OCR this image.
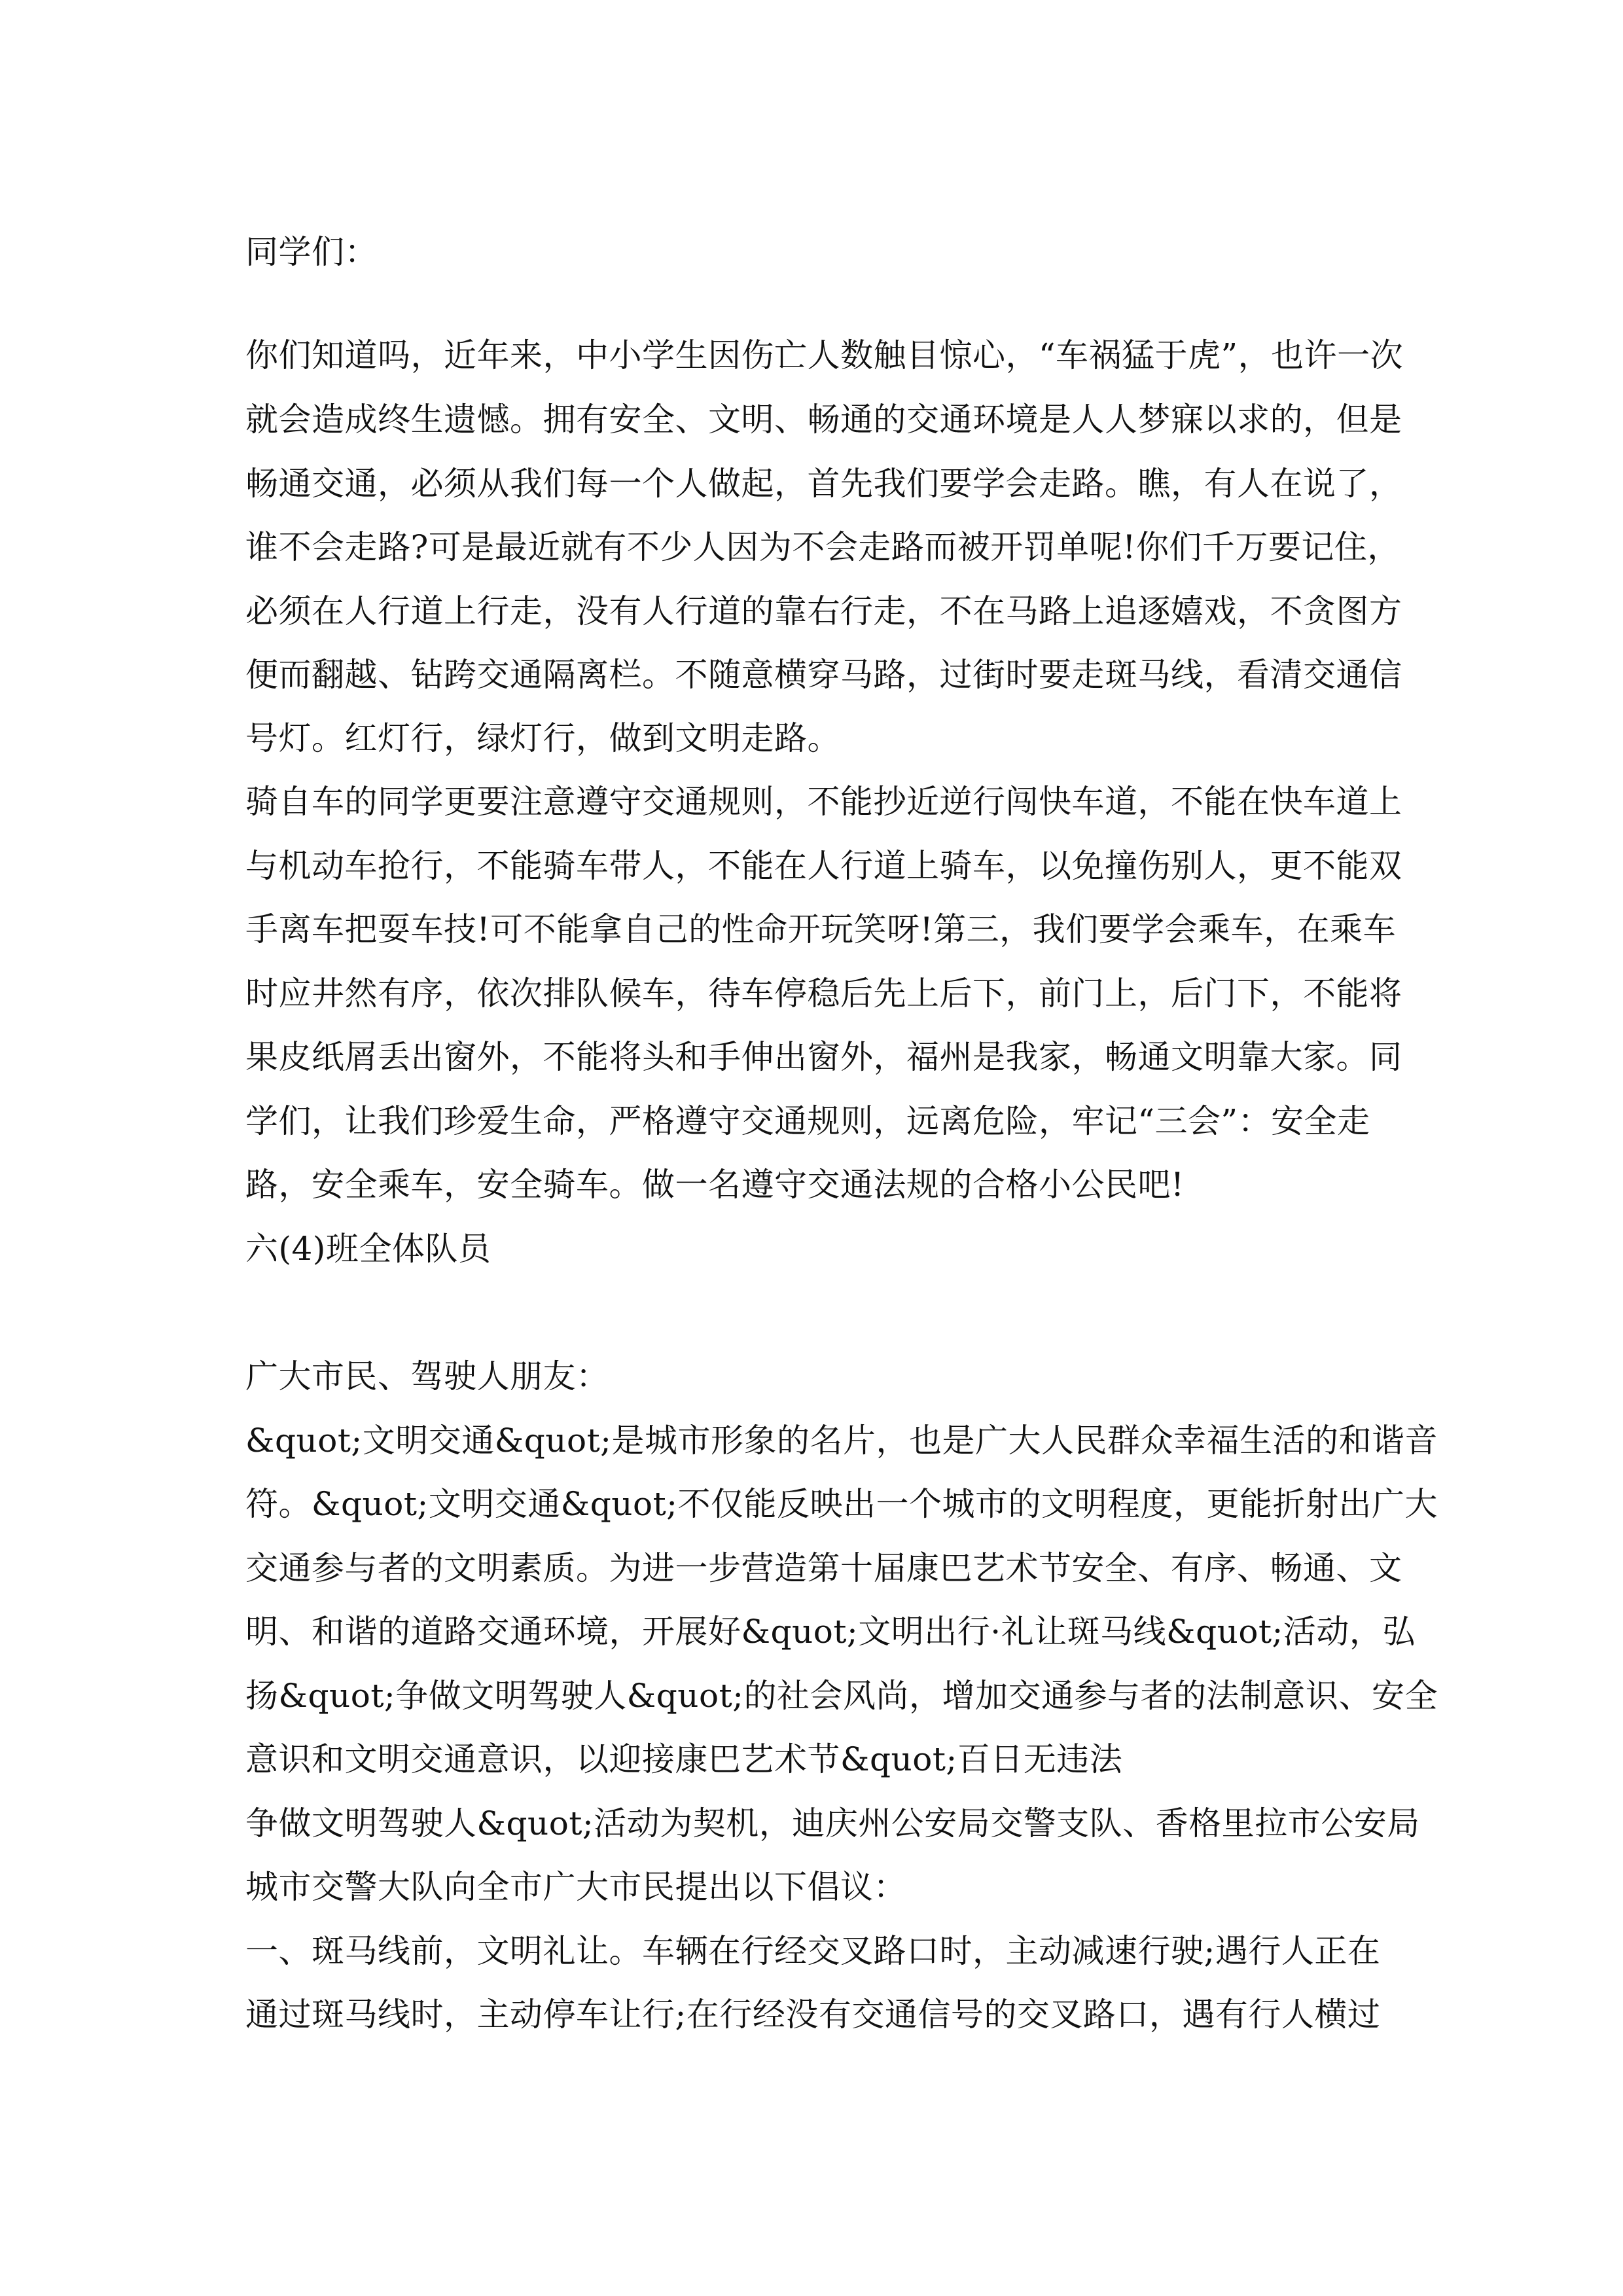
同学们：
你们知道吗，近年来，中小学生因伤亡人数触目惊心，“车祸猛于虎”，也许一次
就会造成终生遗憾。拥有安全、文明、畅通的交通环境是人人梦寐以求的，但是
畅通交通，必须从我们每一个人做起，首先我们要学会走路。瞧，有人在说了，
谁不会走路?可是最近就有不少人因为不会走路而被开罚单呢!你们千万要记住，
必须在人行道上行走，没有人行道的靠右行走，不在马路上追逐嬉戏，不贪图方
便而翻越、钻跨交通隔离栏。不随意横穿马路，过街时要走斑马线，看清交通信
号灯。红灯行，绿灯行，做到文明走路。
骑自车的同学更要注意遵守交通规则，不能抄近逆行闯快车道，不能在快车道上
与机动车抢行，不能骑车带人，不能在人行道上骑车，以免撞伤别人，更不能双
手离车把耍车技!可不能拿自己的性命开玩笑呀!第三，我们要学会乘车，在乘车
时应井然有序，依次排队候车，待车停稳后先上后下，前门上，后门下，不能将
果皮纸屑丢出窗外，不能将头和手伸出窗外，福州是我家，畅通文明靠大家。同
学们，让我们珍爱生命，严格遵守交通规则，远离危险，牢记“三会”：安全走
路，安全乘车，安全骑车。做一名遵守交通法规的合格小公民吧!
六(4)班全体队员
广大市民、驾驶人朋友：
&quot;文明交通&quot;是城市形象的名片，也是广大人民群众幸福生活的和谐音
符。&quot;文明交通&quot;不仅能反映出一个城市的文明程度，更能折射出广大
交通参与者的文明素质。为进一步营造第十届康巴艺术节安全、有序、畅通、文
明、和谐的道路交通环境，开展好&quot;文明出行·礼让斑马线&quot;活动，弘
扬&quot;争做文明驾驶人&quot;的社会风尚，增加交通参与者的法制意识、安全
意识和文明交通意识，以迎接康巴艺术节&quot;百日无违法
争做文明驾驶人&quot;活动为契机，迪庆州公安局交警支队、香格里拉市公安局
城市交警大队向全市广大市民提出以下倡议：
一、斑马线前，文明礼让。车辆在行经交叉路口时，主动减速行驶;遇行人正在
通过斑马线时，主动停车让行;在行经没有交通信号的交叉路口，遇有行人横过
